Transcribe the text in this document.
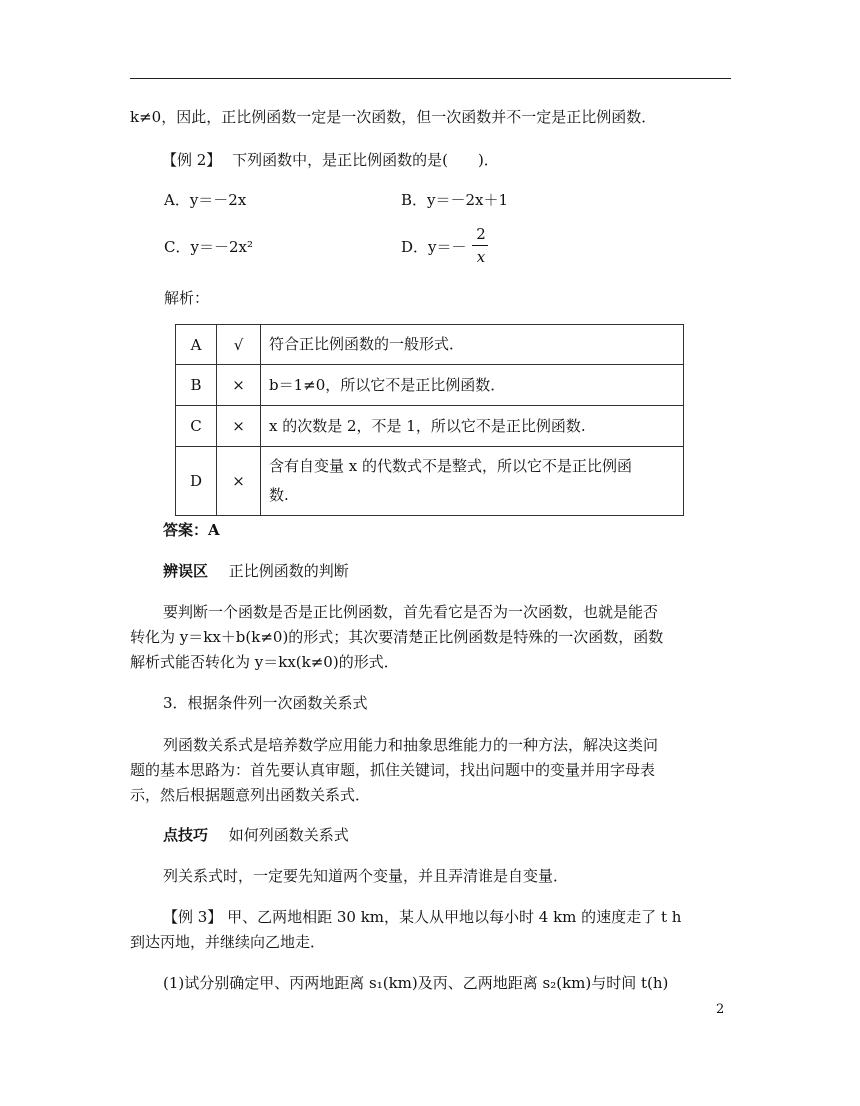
k≠0，因此，正比例函数一定是一次函数，但一次函数并不一定是正比例函数．
【例 2】 下列函数中，是正比例函数的是(　　)．
A．y＝－2x	B．y＝－2x＋1
C．y＝－2x²	D．y＝－
2
x
解析：
A	√	符合正比例函数的一般形式．
B	×	b＝1≠0，所以它不是正比例函数．
C	×	x 的次数是 2，不是 1，所以它不是正比例函数.
D	×	含有自变量 x 的代数式不是整式，所以它不是正比例函
数.
答案：A
辨误区 正比例函数的判断
要判断一个函数是否是正比例函数，首先看它是否为一次函数，也就是能否
转化为 y＝kx＋b(k≠0)的形式；其次要清楚正比例函数是特殊的一次函数，函数
解析式能否转化为 y＝kx(k≠0)的形式．
3．根据条件列一次函数关系式
列函数关系式是培养数学应用能力和抽象思维能力的一种方法，解决这类问
题的基本思路为：首先要认真审题，抓住关键词，找出问题中的变量并用字母表
示，然后根据题意列出函数关系式．
点技巧 如何列函数关系式
列关系式时，一定要先知道两个变量，并且弄清谁是自变量．
【例 3】 甲、乙两地相距 30 km，某人从甲地以每小时 4 km 的速度走了 t h
到达丙地，并继续向乙地走．
(1)试分别确定甲、丙两地距离 s₁(km)及丙、乙两地距离 s₂(km)与时间 t(h)
2
